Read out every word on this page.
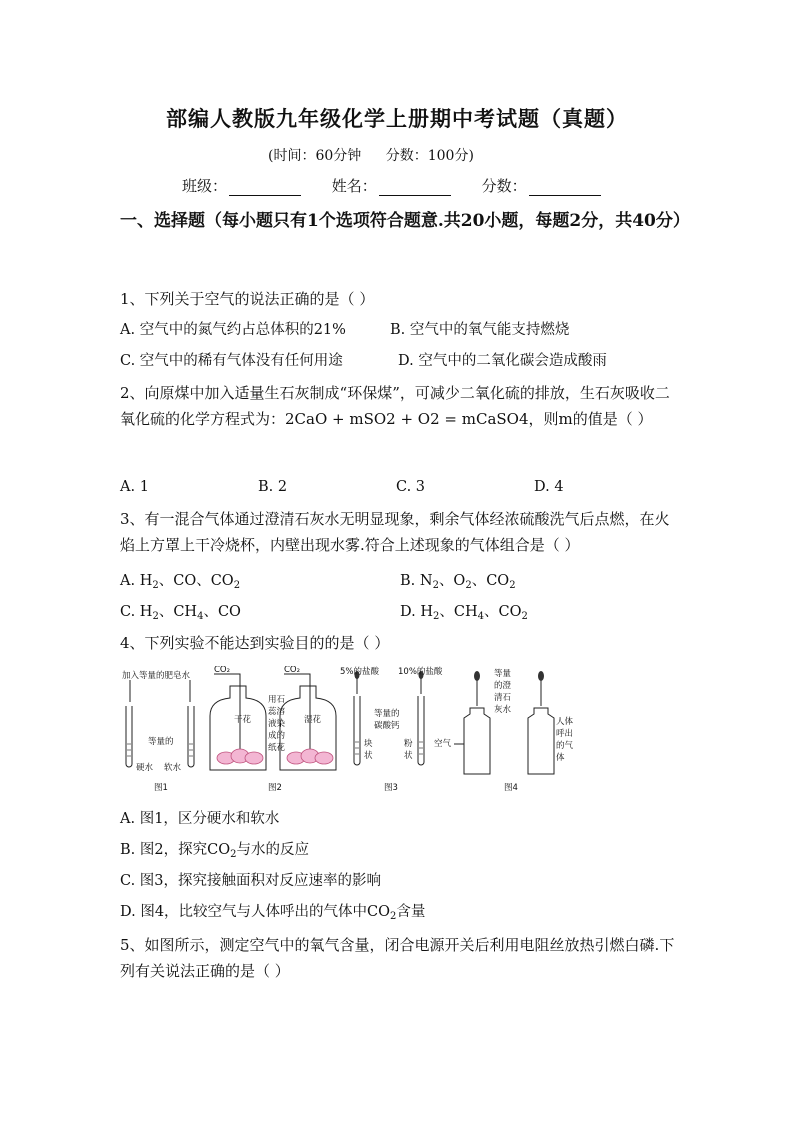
部编人教版九年级化学上册期中考试题（真题）
(时间：60分钟 分数：100分)
班级：	姓名：	分数：
一、选择题（每小题只有1个选项符合题意.共20小题，每题2分，共40分）
1、下列关于空气的说法正确的是（ ）
A. 空气中的氮气约占总体积的21%	B. 空气中的氧气能支持燃烧
C. 空气中的稀有气体没有任何用途	D. 空气中的二氧化碳会造成酸雨
2、向原煤中加入适量生石灰制成“环保煤”，可减少二氧化硫的排放，生石灰吸收二氧化硫的化学方程式为：2CaO + mSO2 + O2 = mCaSO4，则m的值是（ ）
A. 1	B. 2	C. 3	D. 4
3、有一混合气体通过澄清石灰水无明显现象，剩余气体经浓硫酸洗气后点燃，在火焰上方罩上干冷烧杯，内壁出现水雾.符合上述现象的气体组合是（ ）
A. $H_2$、CO、$CO_2$	B. $N_2$、$O_2$、$CO_2$
C. $H_2$、$CH_4$、CO	D. $H_2$、$CH_4$、$CO_2$
4、下列实验不能达到实验目的的是（ ）
加入等量的肥皂水
等量的
硬水 软水
图1
CO₂	CO₂
干花	湿花
用石
蕊溶
液染
成的
纸花
图2
5%的盐酸 10%的盐酸
等量的
碳酸钙
块
状
粉
状
图3
等量
的澄
清石
灰水
空气
人体
呼出
的气
体
图4
A. 图1，区分硬水和软水
B. 图2，探究$CO_2$与水的反应
C. 图3，探究接触面积对反应速率的影响
D. 图4，比较空气与人体呼出的气体中$CO_2$含量
5、如图所示，测定空气中的氧气含量，闭合电源开关后利用电阻丝放热引燃白磷.下列有关说法正确的是（ ）
